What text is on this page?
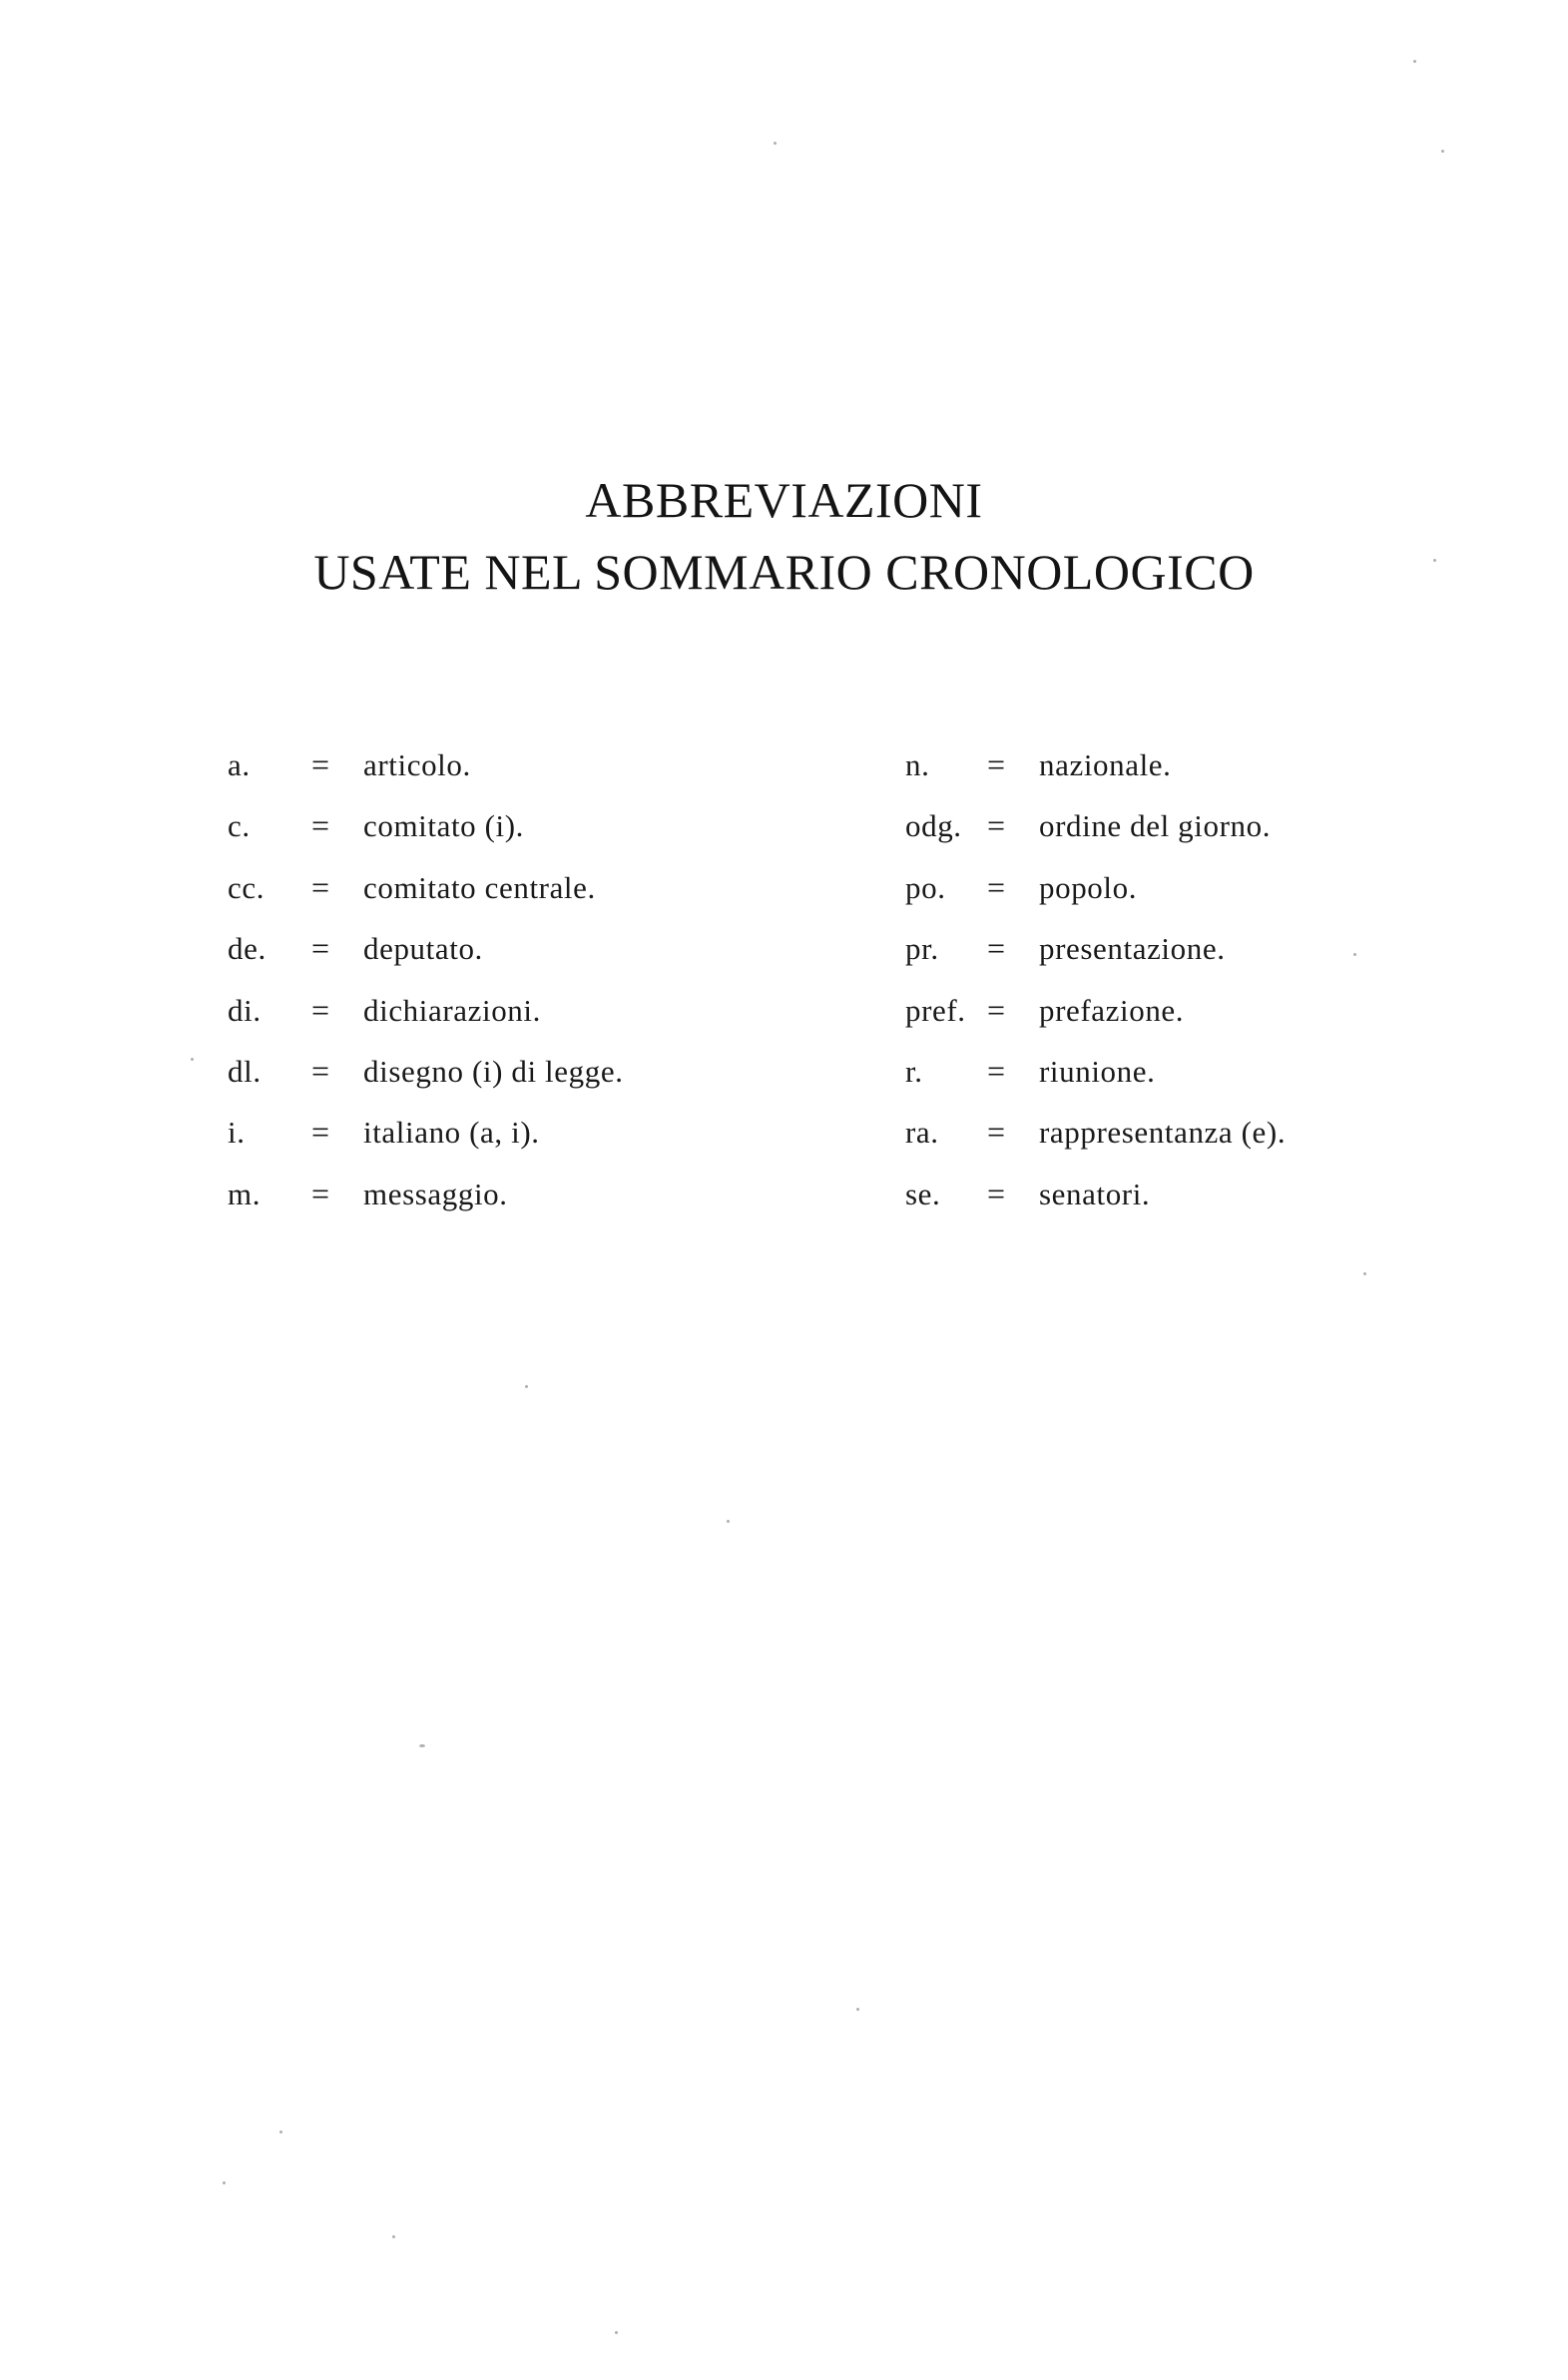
ABBREVIAZIONI
USATE NEL SOMMARIO CRONOLOGICO
a.	=	articolo.
c.	=	comitato (i).
cc.	=	comitato centrale.
de.	=	deputato.
di.	=	dichiarazioni.
dl.	=	disegno (i) di legge.
i.	=	italiano (a, i).
m.	=	messaggio.
n.	=	nazionale.
odg. =	ordine del giorno.
po.	=	popolo.
pr.	=	presentazione.
pref. =	prefazione.
r.	=	riunione.
ra.	=	rappresentanza (e).
se.	=	senatori.
